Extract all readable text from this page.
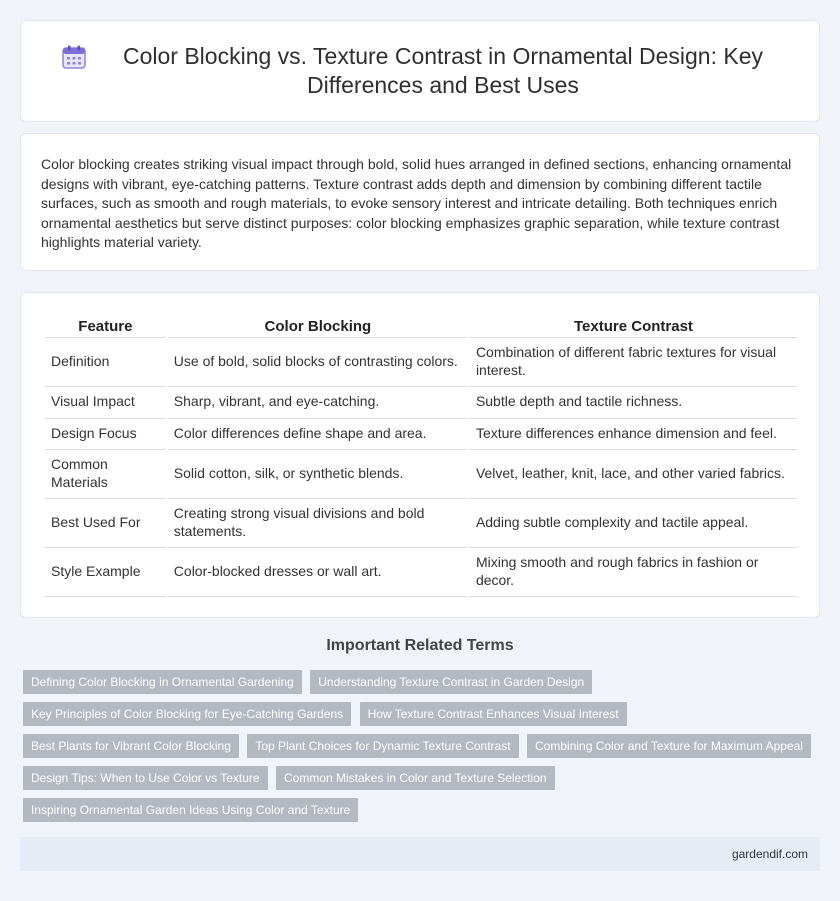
Color Blocking vs. Texture Contrast in Ornamental Design: Key Differences and Best Uses

Color blocking creates striking visual impact through bold, solid hues arranged in defined sections, enhancing ornamental designs with vibrant, eye-catching patterns. Texture contrast adds depth and dimension by combining different tactile surfaces, such as smooth and rough materials, to evoke sensory interest and intricate detailing. Both techniques enrich ornamental aesthetics but serve distinct purposes: color blocking emphasizes graphic separation, while texture contrast highlights material variety.

Feature	Color Blocking	Texture Contrast
Definition	Use of bold, solid blocks of contrasting colors.	Combination of different fabric textures for visual interest.
Visual Impact	Sharp, vibrant, and eye-catching.	Subtle depth and tactile richness.
Design Focus	Color differences define shape and area.	Texture differences enhance dimension and feel.
Common Materials	Solid cotton, silk, or synthetic blends.	Velvet, leather, knit, lace, and other varied fabrics.
Best Used For	Creating strong visual divisions and bold statements.	Adding subtle complexity and tactile appeal.
Style Example	Color-blocked dresses or wall art.	Mixing smooth and rough fabrics in fashion or decor.
Important Related Terms
Defining Color Blocking in Ornamental Gardening Understanding Texture Contrast in Garden Design
Key Principles of Color Blocking for Eye-Catching Gardens How Texture Contrast Enhances Visual Interest
Best Plants for Vibrant Color Blocking Top Plant Choices for Dynamic Texture Contrast Combining Color and Texture for Maximum Appeal
Design Tips: When to Use Color vs Texture Common Mistakes in Color and Texture Selection
Inspiring Ornamental Garden Ideas Using Color and Texture
gardendif.com
